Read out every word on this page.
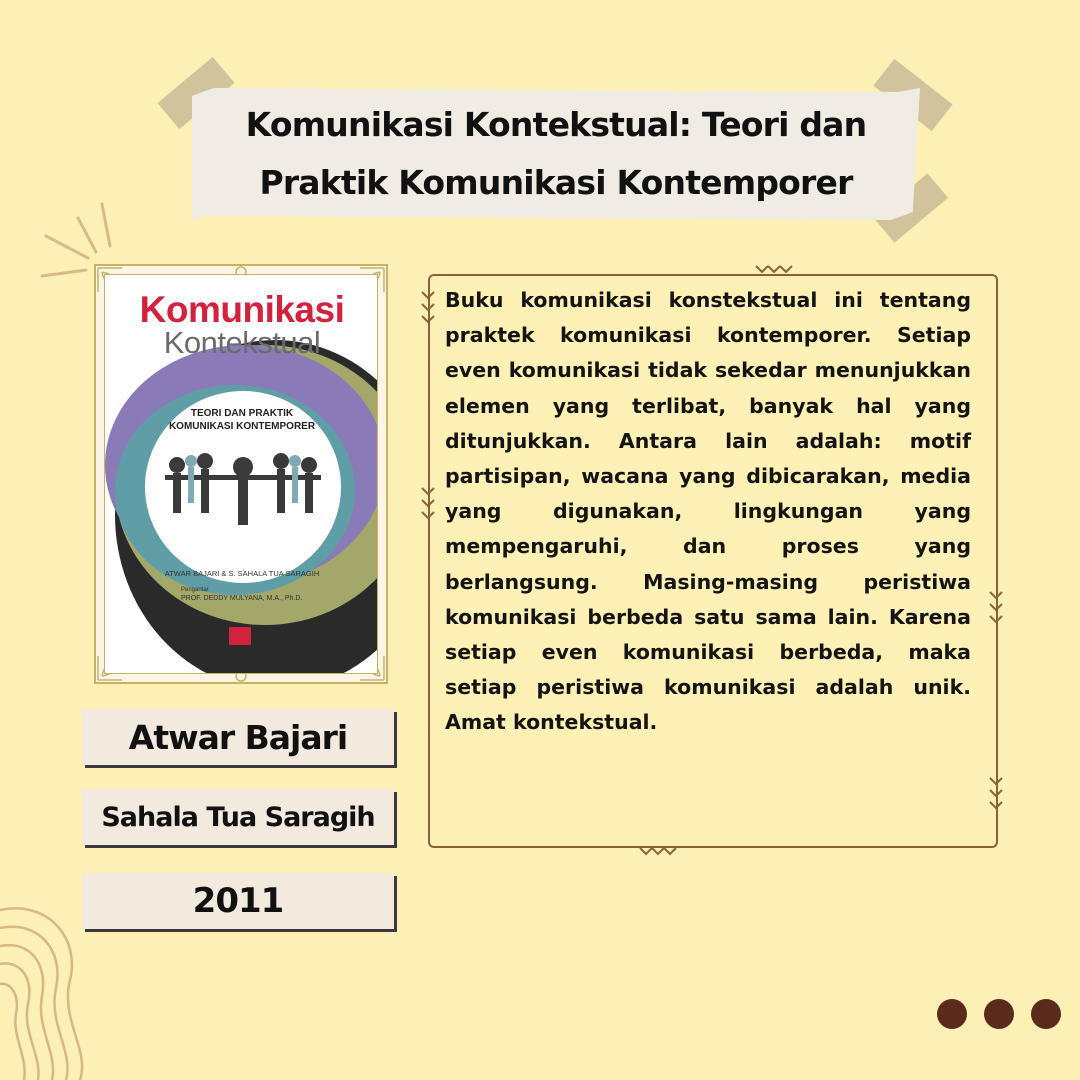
Komunikasi Kontekstual: Teori dan
Praktik Komunikasi Kontemporer
Komunikasi
Kontekstual
TEORI DAN PRAKTIK
KOMUNIKASI KONTEMPORER
ATWAR BAJARI & S. SAHALA TUA SARAGIH
Pengantar
PROF. DEDDY MULYANA, M.A., Ph.D.
Buku komunikasi konstekstual ini tentang praktek komunikasi kontemporer. Setiap even komunikasi tidak sekedar menunjukkan elemen yang terlibat, banyak hal yang ditunjukkan. Antara lain adalah: motif partisipan, wacana yang dibicarakan, media yang digunakan, lingkungan yang mempengaruhi, dan proses yang berlangsung. Masing-masing peristiwa komunikasi berbeda satu sama lain. Karena setiap even komunikasi berbeda, maka setiap peristiwa komunikasi adalah unik. Amat kontekstual.
Atwar Bajari
Sahala Tua Saragih
2011
